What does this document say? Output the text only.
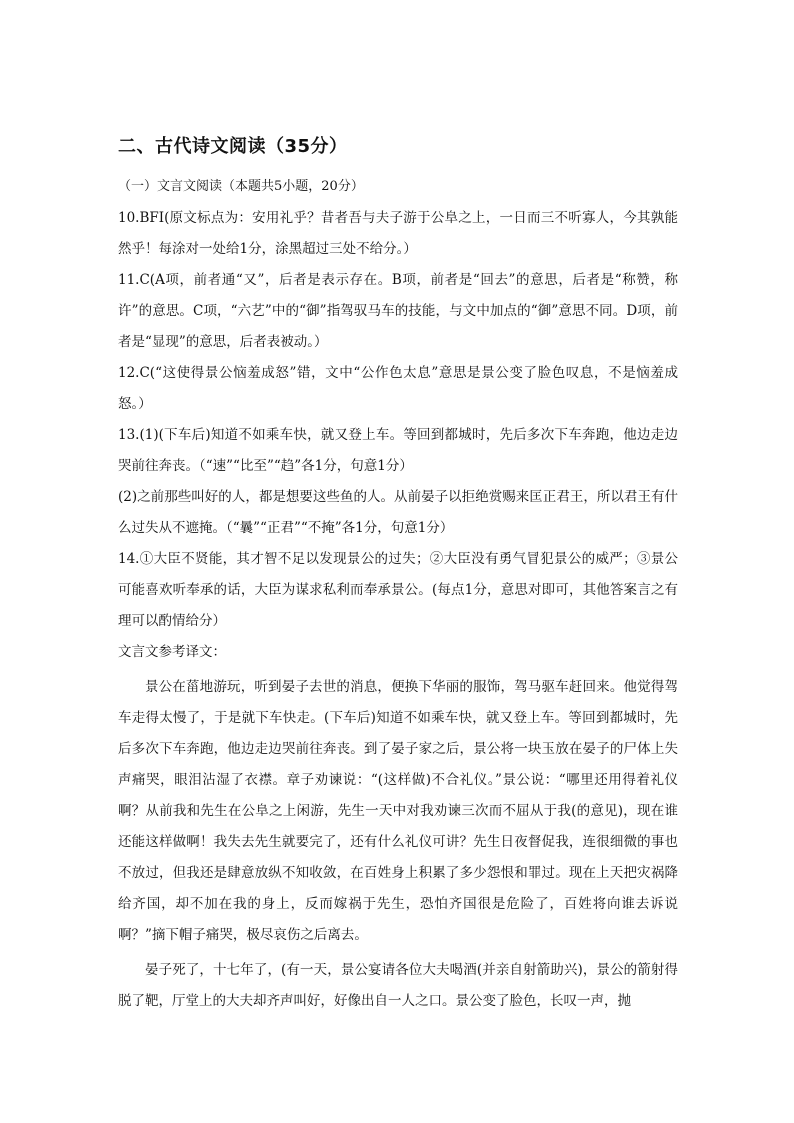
二、古代诗文阅读（35分）

（一）文言文阅读（本题共5小题，20分）

10.BFI(原文标点为：安用礼乎？昔者吾与夫子游于公阜之上，一日而三不听寡人，今其孰能然乎！每涂对一处给1分，涂黑超过三处不给分。）

11.C(A项，前者通“又”，后者是表示存在。B项，前者是“回去”的意思，后者是“称赞，称许”的意思。C项，“六艺”中的“御”指驾驭马车的技能，与文中加点的“御”意思不同。D项，前者是“显现”的意思，后者表被动。）

12.C(“这使得景公恼羞成怒”错，文中“公作色太息”意思是景公变了脸色叹息，不是恼羞成怒。）

13.(1)(下车后)知道不如乘车快，就又登上车。等回到都城时，先后多次下车奔跑，他边走边哭前往奔丧。（“速”“比至”“趋”各1分，句意1分）

(2)之前那些叫好的人，都是想要这些鱼的人。从前晏子以拒绝赏赐来匡正君王，所以君王有什么过失从不遮掩。（“曩”“正君”“不掩”各1分，句意1分）

14.①大臣不贤能，其才智不足以发现景公的过失；②大臣没有勇气冒犯景公的威严；③景公可能喜欢听奉承的话，大臣为谋求私利而奉承景公。(每点1分，意思对即可，其他答案言之有理可以酌情给分）

文言文参考译文：

景公在菑地游玩，听到晏子去世的消息，便换下华丽的服饰，驾马驱车赶回来。他觉得驾车走得太慢了，于是就下车快走。(下车后)知道不如乘车快，就又登上车。等回到都城时，先后多次下车奔跑，他边走边哭前往奔丧。到了晏子家之后，景公将一块玉放在晏子的尸体上失声痛哭，眼泪沾湿了衣襟。章子劝谏说：“(这样做)不合礼仪。”景公说：“哪里还用得着礼仪啊？从前我和先生在公阜之上闲游，先生一天中对我劝谏三次而不屈从于我(的意见)，现在谁还能这样做啊！我失去先生就要完了，还有什么礼仪可讲？先生日夜督促我，连很细微的事也不放过，但我还是肆意放纵不知收敛，在百姓身上积累了多少怨恨和罪过。现在上天把灾祸降给齐国，却不加在我的身上，反而嫁祸于先生，恐怕齐国很是危险了，百姓将向谁去诉说啊？”摘下帽子痛哭，极尽哀伤之后离去。

晏子死了，十七年了，(有一天，景公宴请各位大夫喝酒(并亲自射箭助兴)，景公的箭射得脱了靶，厅堂上的大夫却齐声叫好，好像出自一人之口。景公变了脸色，长叹一声，抛
